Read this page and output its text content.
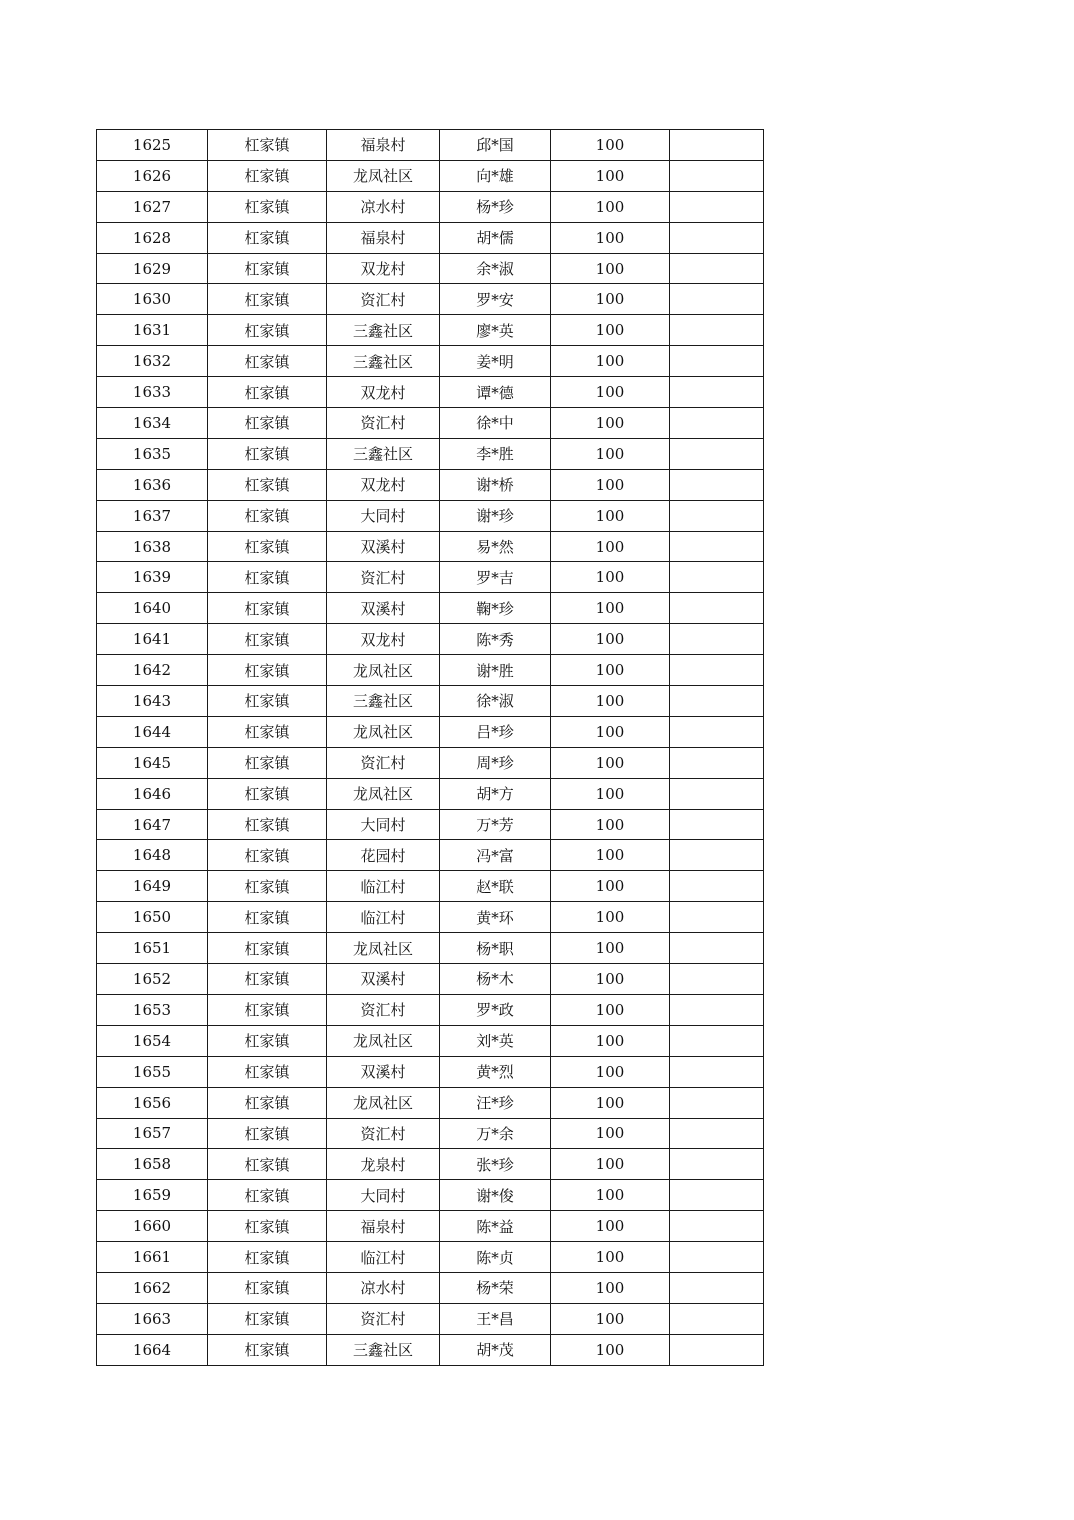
1625	杠家镇	福泉村	邱*国	100	
1626	杠家镇	龙凤社区	向*雄	100	
1627	杠家镇	凉水村	杨*珍	100	
1628	杠家镇	福泉村	胡*儒	100	
1629	杠家镇	双龙村	余*淑	100	
1630	杠家镇	资汇村	罗*安	100	
1631	杠家镇	三鑫社区	廖*英	100	
1632	杠家镇	三鑫社区	姜*明	100	
1633	杠家镇	双龙村	谭*德	100	
1634	杠家镇	资汇村	徐*中	100	
1635	杠家镇	三鑫社区	李*胜	100	
1636	杠家镇	双龙村	谢*桥	100	
1637	杠家镇	大同村	谢*珍	100	
1638	杠家镇	双溪村	易*然	100	
1639	杠家镇	资汇村	罗*吉	100	
1640	杠家镇	双溪村	鞠*珍	100	
1641	杠家镇	双龙村	陈*秀	100	
1642	杠家镇	龙凤社区	谢*胜	100	
1643	杠家镇	三鑫社区	徐*淑	100	
1644	杠家镇	龙凤社区	吕*珍	100	
1645	杠家镇	资汇村	周*珍	100	
1646	杠家镇	龙凤社区	胡*方	100	
1647	杠家镇	大同村	万*芳	100	
1648	杠家镇	花园村	冯*富	100	
1649	杠家镇	临江村	赵*联	100	
1650	杠家镇	临江村	黄*环	100	
1651	杠家镇	龙凤社区	杨*职	100	
1652	杠家镇	双溪村	杨*木	100	
1653	杠家镇	资汇村	罗*政	100	
1654	杠家镇	龙凤社区	刘*英	100	
1655	杠家镇	双溪村	黄*烈	100	
1656	杠家镇	龙凤社区	汪*珍	100	
1657	杠家镇	资汇村	万*余	100	
1658	杠家镇	龙泉村	张*珍	100	
1659	杠家镇	大同村	谢*俊	100	
1660	杠家镇	福泉村	陈*益	100	
1661	杠家镇	临江村	陈*贞	100	
1662	杠家镇	凉水村	杨*荣	100	
1663	杠家镇	资汇村	王*昌	100	
1664	杠家镇	三鑫社区	胡*茂	100	
